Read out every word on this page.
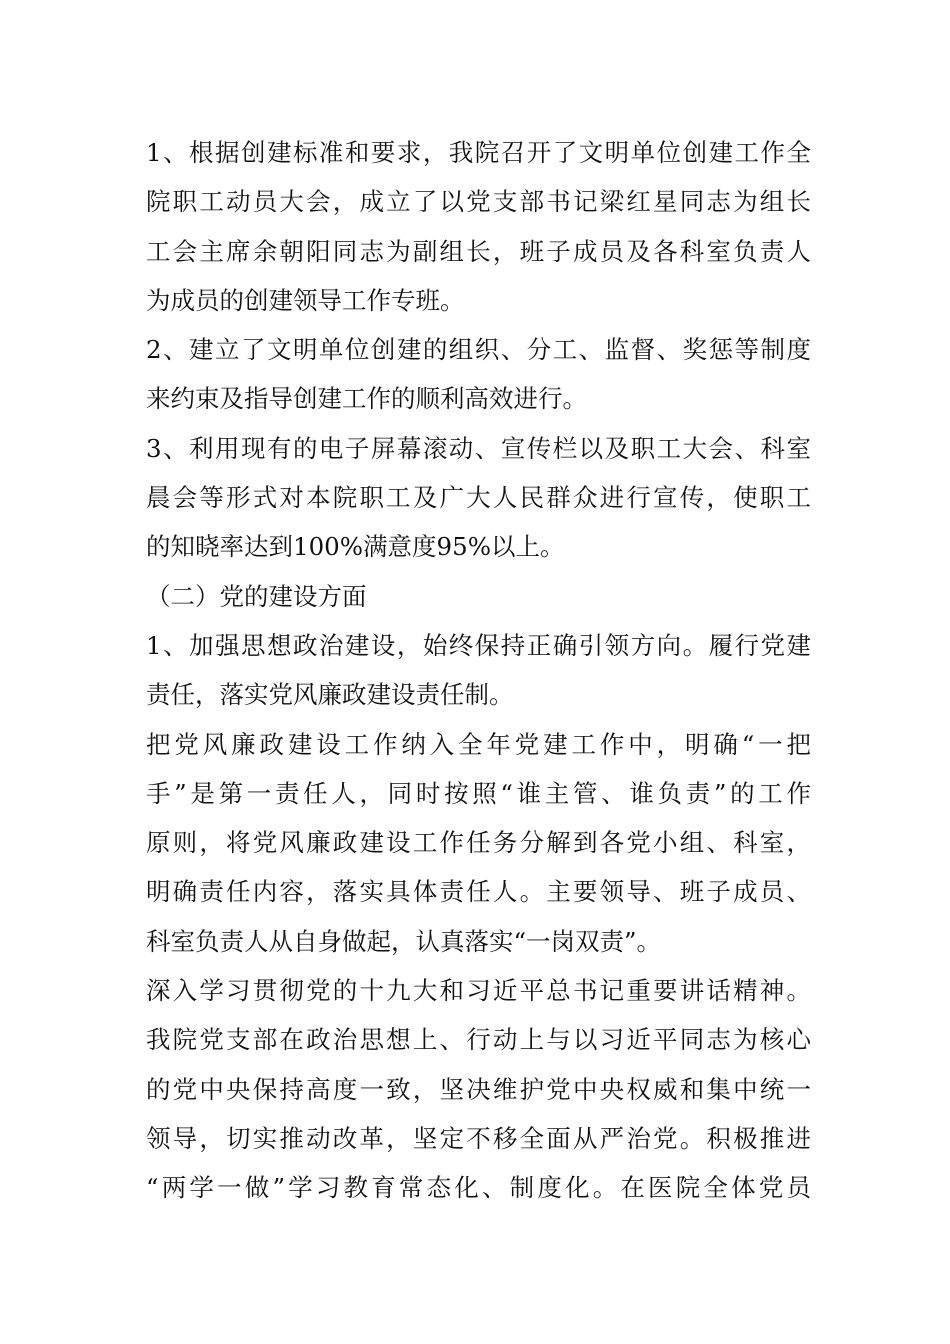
1、根据创建标准和要求，我院召开了文明单位创建工作全
院职工动员大会，成立了以党支部书记梁红星同志为组长
工会主席余朝阳同志为副组长，班子成员及各科室负责人
为成员的创建领导工作专班。
2、建立了文明单位创建的组织、分工、监督、奖惩等制度
来约束及指导创建工作的顺利高效进行。
3、利用现有的电子屏幕滚动、宣传栏以及职工大会、科室
晨会等形式对本院职工及广大人民群众进行宣传，使职工
的知晓率达到100%满意度95%以上。
（二）党的建设方面
1、加强思想政治建设，始终保持正确引领方向。履行党建
责任，落实党风廉政建设责任制。
把党风廉政建设工作纳入全年党建工作中，明确“一把
手”是第一责任人，同时按照“谁主管、谁负责”的工作
原则，将党风廉政建设工作任务分解到各党小组、科室，
明确责任内容，落实具体责任人。主要领导、班子成员、
科室负责人从自身做起，认真落实“一岗双责”。
深入学习贯彻党的十九大和习近平总书记重要讲话精神。
我院党支部在政治思想上、行动上与以习近平同志为核心
的党中央保持高度一致，坚决维护党中央权威和集中统一
领导，切实推动改革，坚定不移全面从严治党。积极推进
“两学一做”学习教育常态化、制度化。在医院全体党员
